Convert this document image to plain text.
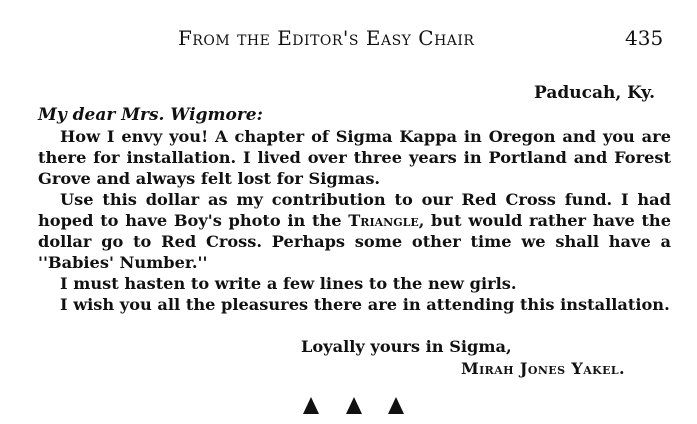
From the Editor's Easy Chair	435
Paducah, Ky.
My dear Mrs. Wigmore:

How I envy you! A chapter of Sigma Kappa in Oregon and you are there for installation. I lived over three years in Portland and Forest Grove and always felt lost for Sigmas.

Use this dollar as my contribution to our Red Cross fund. I had hoped to have Boy's photo in the Triangle, but would rather have the dollar go to Red Cross. Perhaps some other time we shall have a ''Babies' Number.''

I must hasten to write a few lines to the new girls.

I wish you all the pleasures there are in attending this installation.

Loyally yours in Sigma,
Mirah Jones Yakel.
